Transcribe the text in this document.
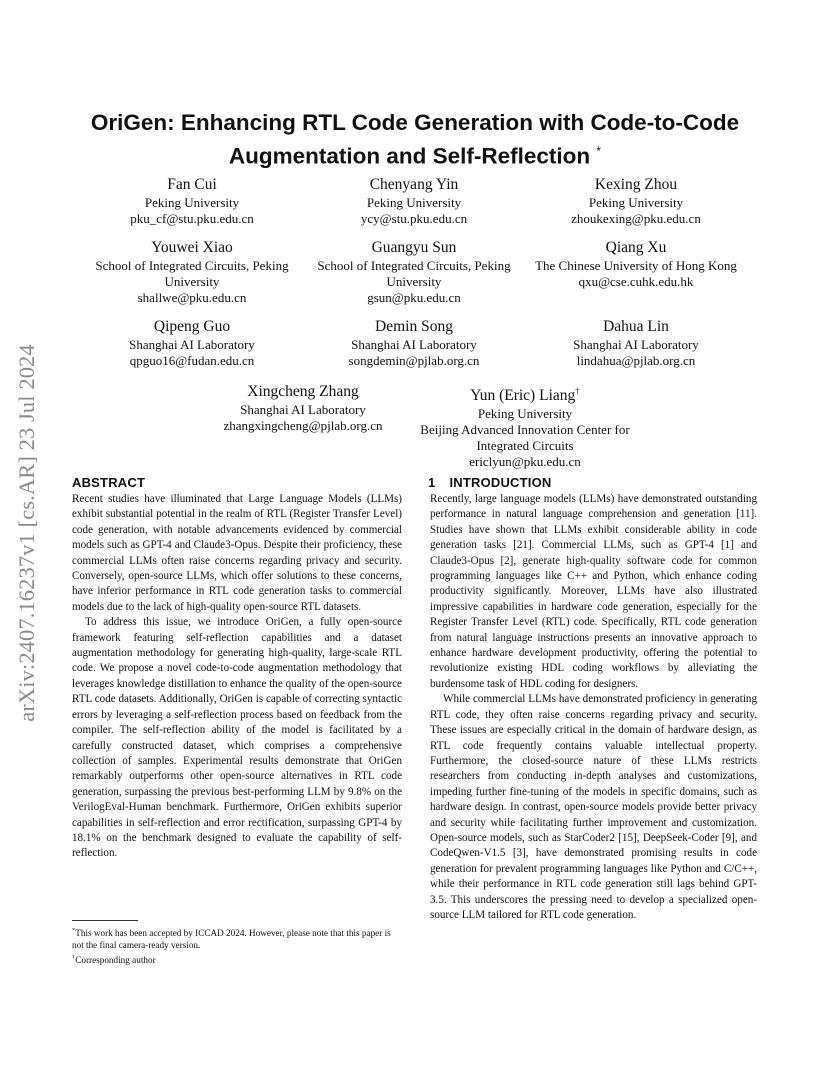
arXiv:2407.16237v1 [cs.AR] 23 Jul 2024
OriGen: Enhancing RTL Code Generation with Code-to-Code
Augmentation and Self-Reflection *
Fan Cui
Peking University
pku_cf@stu.pku.edu.cn
Chenyang Yin
Peking University
ycy@stu.pku.edu.cn
Kexing Zhou
Peking University
zhoukexing@pku.edu.cn
Youwei Xiao
School of Integrated Circuits, Peking University
shallwe@pku.edu.cn
Guangyu Sun
School of Integrated Circuits, Peking University
gsun@pku.edu.cn
Qiang Xu
The Chinese University of Hong Kong
qxu@cse.cuhk.edu.hk
Qipeng Guo
Shanghai AI Laboratory
qpguo16@fudan.edu.cn
Demin Song
Shanghai AI Laboratory
songdemin@pjlab.org.cn
Dahua Lin
Shanghai AI Laboratory
lindahua@pjlab.org.cn
Xingcheng Zhang
Shanghai AI Laboratory
zhangxingcheng@pjlab.org.cn
Yun (Eric) Liang†
Peking University
Beijing Advanced Innovation Center for Integrated Circuits
ericlyun@pku.edu.cn
ABSTRACT

Recent studies have illuminated that Large Language Models (LLMs) exhibit substantial potential in the realm of RTL (Register Transfer Level) code generation, with notable advancements evidenced by commercial models such as GPT-4 and Claude3-Opus. Despite their proficiency, these commercial LLMs often raise concerns regarding privacy and security. Conversely, open-source LLMs, which offer solutions to these concerns, have inferior performance in RTL code generation tasks to commercial models due to the lack of high-quality open-source RTL datasets.

To address this issue, we introduce OriGen, a fully open-source framework featuring self-reflection capabilities and a dataset augmentation methodology for generating high-quality, large-scale RTL code. We propose a novel code-to-code augmentation methodology that leverages knowledge distillation to enhance the quality of the open-source RTL code datasets. Additionally, OriGen is capable of correcting syntactic errors by leveraging a self-reflection process based on feedback from the compiler. The self-reflection ability of the model is facilitated by a carefully constructed dataset, which comprises a comprehensive collection of samples. Experimental results demonstrate that OriGen remarkably outperforms other open-source alternatives in RTL code generation, surpassing the previous best-performing LLM by 9.8% on the VerilogEval-Human benchmark. Furthermore, OriGen exhibits superior capabilities in self-reflection and error rectification, surpassing GPT-4 by 18.1% on the benchmark designed to evaluate the capability of self-reflection.

1 INTRODUCTION

Recently, large language models (LLMs) have demonstrated outstanding performance in natural language comprehension and generation [11]. Studies have shown that LLMs exhibit considerable ability in code generation tasks [21]. Commercial LLMs, such as GPT-4 [1] and Claude3-Opus [2], generate high-quality software code for common programming languages like C++ and Python, which enhance coding productivity significantly. Moreover, LLMs have also illustrated impressive capabilities in hardware code generation, especially for the Register Transfer Level (RTL) code. Specifically, RTL code generation from natural language instructions presents an innovative approach to enhance hardware development productivity, offering the potential to revolutionize existing HDL coding workflows by alleviating the burdensome task of HDL coding for designers.

While commercial LLMs have demonstrated proficiency in generating RTL code, they often raise concerns regarding privacy and security. These issues are especially critical in the domain of hardware design, as RTL code frequently contains valuable intellectual property. Furthermore, the closed-source nature of these LLMs restricts researchers from conducting in-depth analyses and customizations, impeding further fine-tuning of the models in specific domains, such as hardware design. In contrast, open-source models provide better privacy and security while facilitating further improvement and customization. Open-source models, such as StarCoder2 [15], DeepSeek-Coder [9], and CodeQwen-V1.5 [3], have demonstrated promising results in code generation for prevalent programming languages like Python and C/C++, while their performance in RTL code generation still lags behind GPT-3.5. This underscores the pressing need to develop a specialized open-source LLM tailored for RTL code generation.

*This work has been accepted by ICCAD 2024. However, please note that this paper is not the final camera-ready version.

†Corresponding author
